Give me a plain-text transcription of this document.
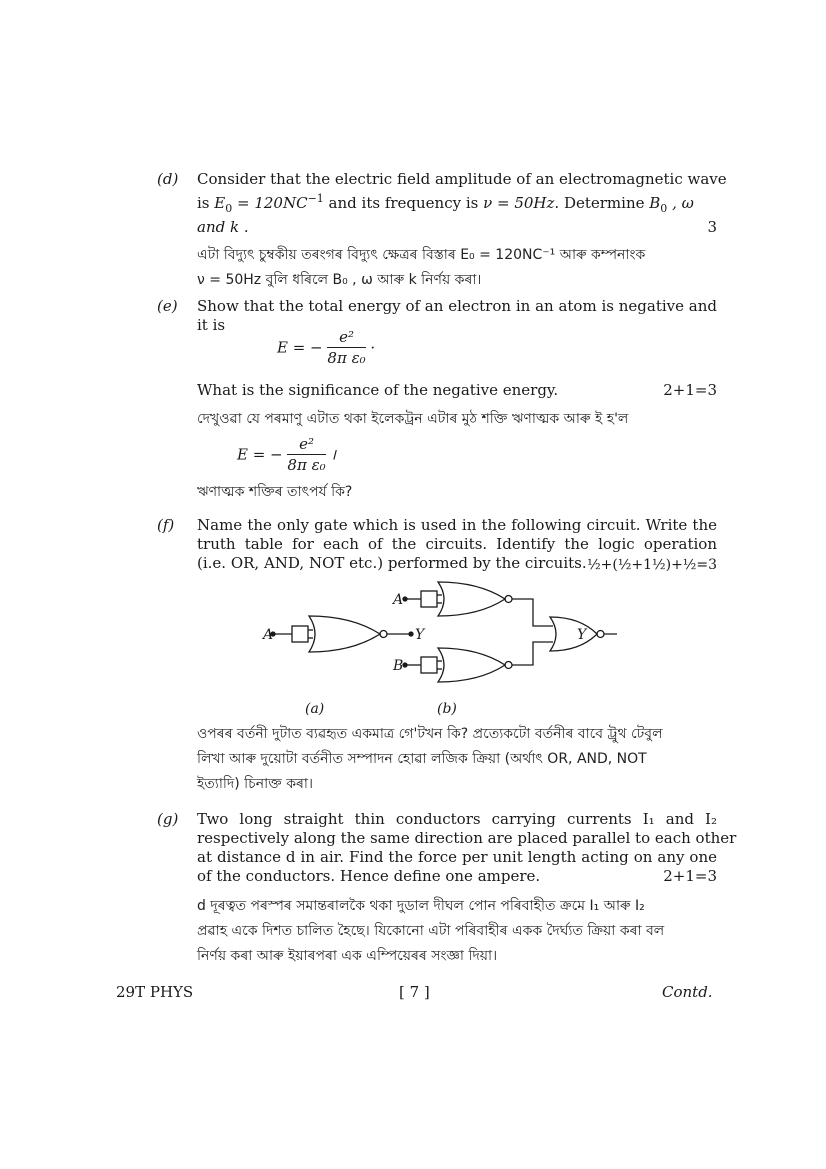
(d) Consider that the electric field amplitude of an electromagnetic wave
is $E_0 = 120NC^{-1}$ and its frequency is ν = 50Hz. Determine $B_0$ , ω
and k .	3
এটা বিদ্যুৎ চুম্বকীয় তৰংগৰ বিদ্যুৎ ক্ষেত্ৰৰ বিস্তাৰ E₀ = 120NC⁻¹ আৰু কম্পনাংক
ν = 50Hz বুলি ধৰিলে B₀ , ω আৰু k নিৰ্ণয় কৰা।
(e) Show that the total energy of an electron in an atom is negative and
it is
E = − $\frac{\text{e²}}{\text{8π ε₀}}$ ·
What is the significance of the negative energy.	2+1=3
দেখুওৱা যে পৰমাণু এটাত থকা ইলেকট্ৰন এটাৰ মুঠ শক্তি ঋণাত্মক আৰু ই হ'ল
E = − $\frac{\text{e²}}{\text{8π ε₀}}$ ।
ঋণাত্মক শক্তিৰ তাৎপৰ্য কি?
(f) Name the only gate which is used in the following circuit. Write the
truth table for each of the circuits. Identify the logic operation
(i.e. OR, AND, NOT etc.) performed by the circuits. ½+(½+1½)+½=3
A	Y
A
B
Y
(a)	(b)
ওপৰৰ বৰ্তনী দুটাত ব্যৱহৃত একমাত্ৰ গে'টখন কি? প্ৰত্যেকটো বৰ্তনীৰ বাবে ট্ৰুথ টেবুল
লিখা আৰু দুয়োটা বৰ্তনীত সম্পাদন হোৱা লজিক ক্ৰিয়া (অৰ্থাৎ OR, AND, NOT
ইত্যাদি) চিনাক্ত কৰা।
(g) Two long straight thin conductors carrying currents I₁ and I₂
respectively along the same direction are placed parallel to each other
at distance d in air. Find the force per unit length acting on any one
of the conductors. Hence define one ampere.	2+1=3
d দূৰত্বত পৰস্পৰ সমান্তৰালকৈ থকা দুডাল দীঘল পোন পৰিবাহীত ক্ৰমে I₁ আৰু I₂
প্ৰৱাহ একে দিশত চালিত হৈছে। যিকোনো এটা পৰিবাহীৰ একক দৈৰ্ঘ্যত ক্ৰিয়া কৰা বল
নিৰ্ণয় কৰা আৰু ইয়াৰপৰা এক এম্পিয়েৰৰ সংজ্ঞা দিয়া।
29T PHYS	[ 7 ]	Contd.
